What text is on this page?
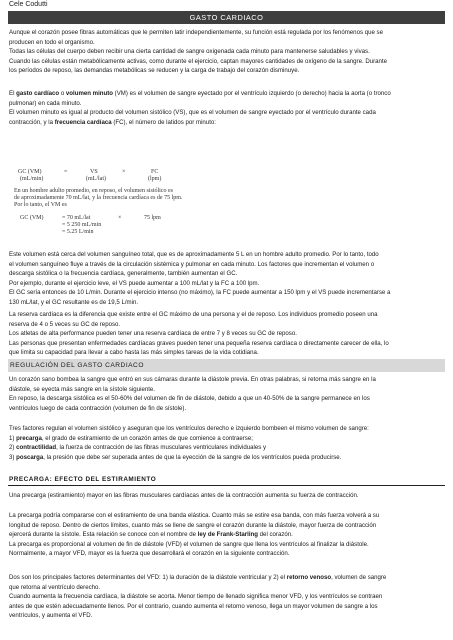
Cele Codutti
GASTO CARDIACO
Aunque el corazón posee fibras automáticas que le permiten latir independientemente, su función está regulada por los fenómenos que se
producen en todo el organismo.
Todas las células del cuerpo deben recibir una cierta cantidad de sangre oxigenada cada minuto para mantenerse saludables y vivas.
Cuando las células están metabólicamente activas, como durante el ejercicio, captan mayores cantidades de oxígeno de la sangre. Durante
los períodos de reposo, las demandas metabólicas se reducen y la carga de trabajo del corazón disminuye.
El gasto cardíaco o volumen minuto (VM) es el volumen de sangre eyectado por el ventrículo izquierdo (o derecho) hacia la aorta (o tronco
pulmonar) en cada minuto.
El volumen minuto es igual al producto del volumen sistólico (VS), que es el volumen de sangre eyectado por el ventrículo durante cada
contracción, y la frecuencia cardíaca (FC), el número de latidos por minuto:
GC (VM)	=	VS	×	FC
(mL/min)	(mL/lat)	(lpm)
En un hombre adulto promedio, en reposo, el volumen sistólico es
de aproximadamente 70 mL/lat, y la frecuencia cardíaca es de 75 lpm.
Por lo tanto, el VM es
GC (VM)	= 70 mL/lat	×	75 lpm
= 5 250 mL/min
= 5.25 L/min
Este volumen está cerca del volumen sanguíneo total, que es de aproximadamente 5 L en un hombre adulto promedio. Por lo tanto, todo
el volumen sanguíneo fluye a través de la circulación sistémica y pulmonar en cada minuto. Los factores que incrementan el volumen o
descarga sistólica o la frecuencia cardíaca, generalmente, también aumentan el GC.
Por ejemplo, durante el ejercicio leve, el VS puede aumentar a 100 mL/lat y la FC a 100 lpm.
El GC sería entonces de 10 L/min. Durante el ejercicio intenso (no máximo), la FC puede aumentar a 150 lpm y el VS puede incrementarse a
130 mL/lat, y el GC resultante es de 19,5 L/min.
La reserva cardíaca es la diferencia que existe entre el GC máximo de una persona y el de reposo. Los individuos promedio poseen una
reserva de 4 o 5 veces su GC de reposo.
Los atletas de alta performance pueden tener una reserva cardíaca de entre 7 y 8 veces su GC de reposo.
Las personas que presentan enfermedades cardíacas graves pueden tener una pequeña reserva cardíaca o directamente carecer de ella, lo
que limita su capacidad para llevar a cabo hasta las más simples tareas de la vida cotidiana.
REGULACIÓN DEL GASTO CARDIACO
Un corazón sano bombea la sangre que entró en sus cámaras durante la diástole previa. En otras palabras, si retorna más sangre en la
diástole, se eyecta más sangre en la sístole siguiente.
En reposo, la descarga sistólica es el 50-60% del volumen de fin de diástole, debido a que un 40-50% de la sangre permanece en los
ventrículos luego de cada contracción (volumen de fin de sístole).
Tres factores regulan el volumen sistólico y aseguran que los ventrículos derecho e izquierdo bombeen el mismo volumen de sangre:
1) precarga, el grado de estiramiento de un corazón antes de que comience a contraerse;
2) contractilidad, la fuerza de contracción de las fibras musculares ventriculares individuales y
3) poscarga, la presión que debe ser superada antes de que la eyección de la sangre de los ventrículos pueda producirse.
PRECARGA: EFECTO DEL ESTIRAMIENTO
Una precarga (estiramiento) mayor en las fibras musculares cardíacas antes de la contracción aumenta su fuerza de contracción.
La precarga podría compararse con el estiramiento de una banda elástica. Cuanto más se estire esa banda, con más fuerza volverá a su
longitud de reposo. Dentro de ciertos límites, cuanto más se llene de sangre el corazón durante la diástole, mayor fuerza de contracción
ejercerá durante la sístole. Esta relación se conoce con el nombre de ley de Frank-Starling del corazón.
La precarga es proporcional al volumen de fin de diástole (VFD) el volumen de sangre que llena los ventrículos al finalizar la diástole.
Normalmente, a mayor VFD, mayor es la fuerza que desarrollará el corazón en la siguiente contracción.
Dos son los principales factores determinantes del VFD: 1) la duración de la diástole ventricular y 2) el retorno venoso, volumen de sangre
que retorna al ventrículo derecho.
Cuando aumenta la frecuencia cardíaca, la diástole se acorta. Menor tiempo de llenado significa menor VFD, y los ventrículos se contraen
antes de que estén adecuadamente llenos. Por el contrario, cuando aumenta el retorno venoso, llega un mayor volumen de sangre a los
ventrículos, y aumenta el VFD.
